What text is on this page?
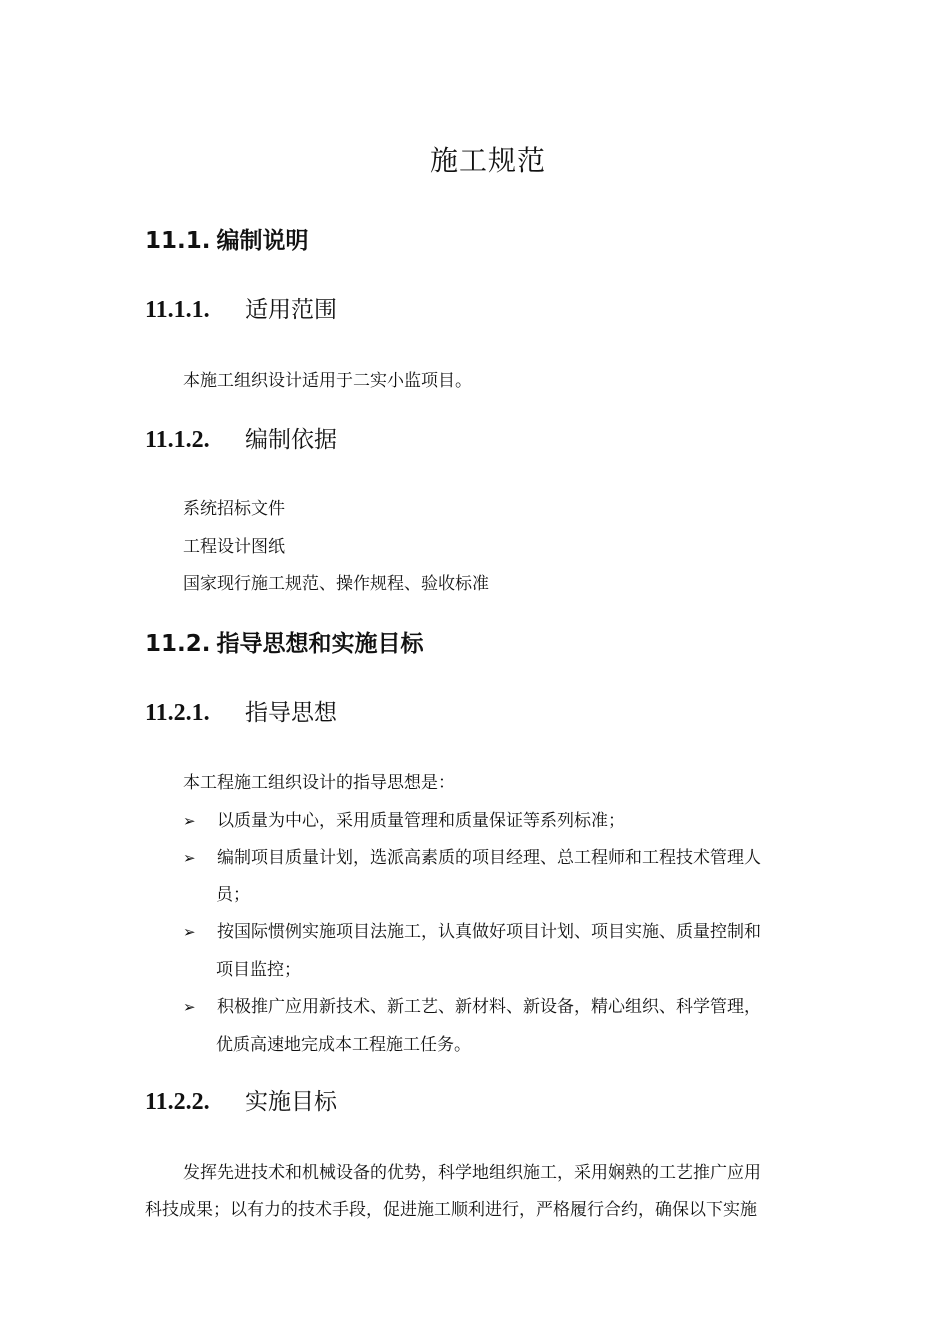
施工规范
11.1. 编制说明
11.1.1. 适用范围
本施工组织设计适用于二实小监项目。
11.1.2. 编制依据
系统招标文件
工程设计图纸
国家现行施工规范、操作规程、验收标准
11.2. 指导思想和实施目标
11.2.1. 指导思想
本工程施工组织设计的指导思想是：
➢ 以质量为中心，采用质量管理和质量保证等系列标准；
➢ 编制项目质量计划，选派高素质的项目经理、总工程师和工程技术管理人
员；
➢ 按国际惯例实施项目法施工，认真做好项目计划、项目实施、质量控制和
项目监控；
➢ 积极推广应用新技术、新工艺、新材料、新设备，精心组织、科学管理，
优质高速地完成本工程施工任务。
11.2.2. 实施目标
发挥先进技术和机械设备的优势，科学地组织施工，采用娴熟的工艺推广应用
科技成果；以有力的技术手段，促进施工顺利进行，严格履行合约，确保以下实施
